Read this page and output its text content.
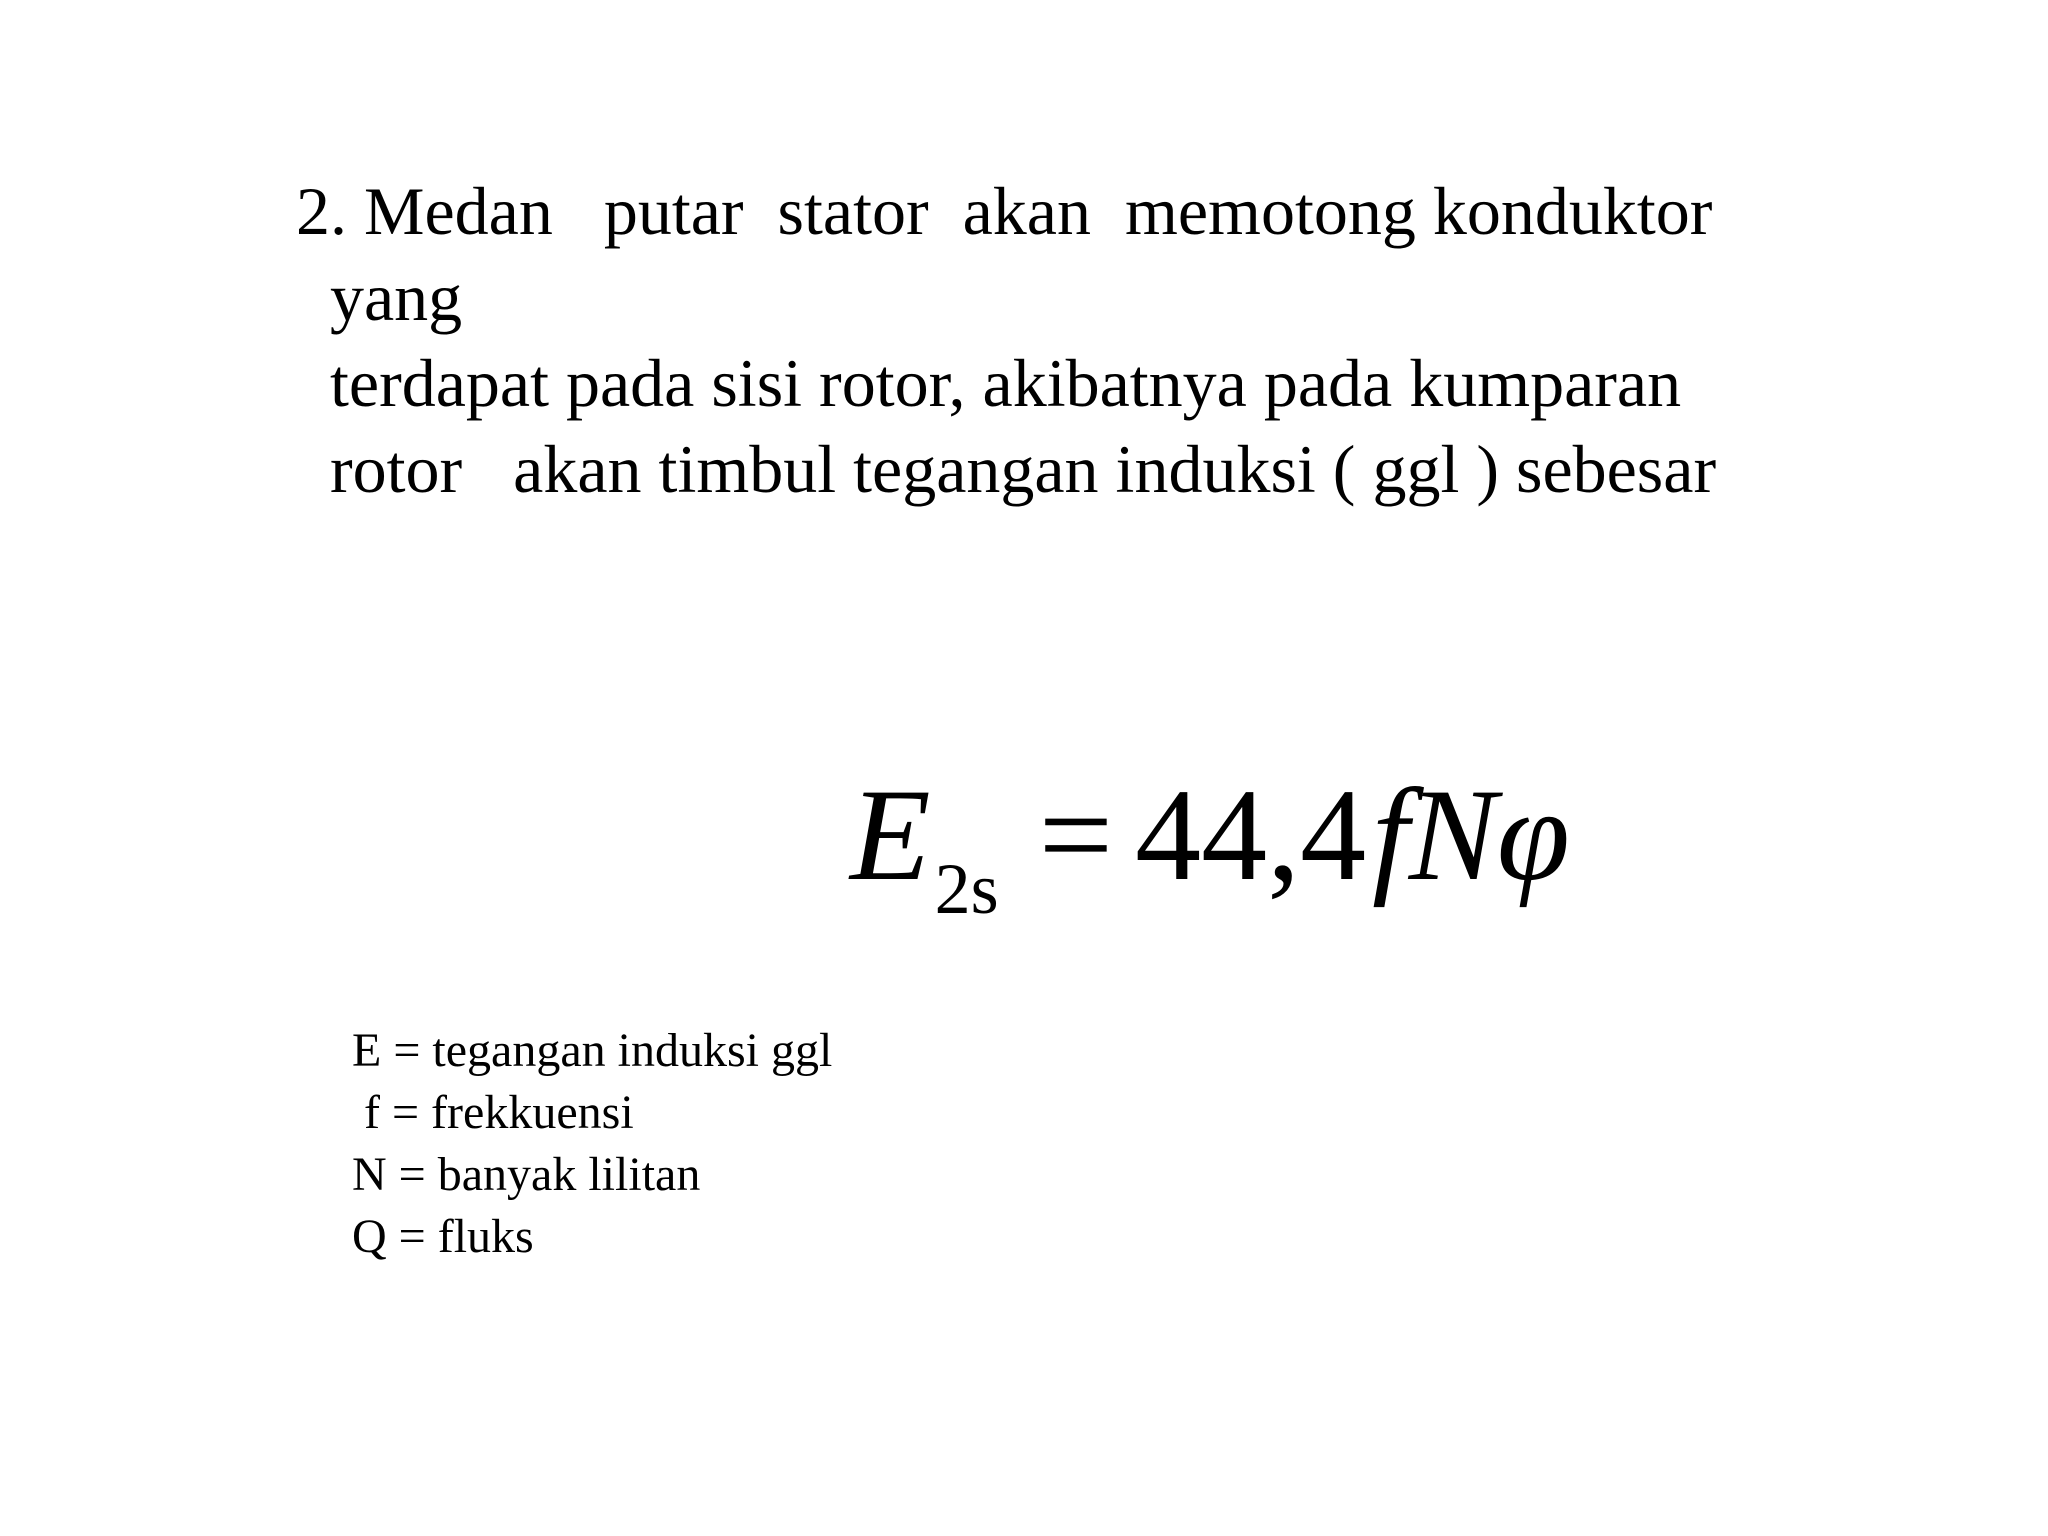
2. Medan   putar  stator  akan  memotong konduktor
yang
terdapat pada sisi rotor, akibatnya pada kumparan
rotor   akan timbul tegangan induksi ( ggl ) sebesar
$E_{2s} = 44,4fN\varphi$
E = tegangan induksi ggl
f = frekkuensi
N = banyak lilitan
Q = fluks
